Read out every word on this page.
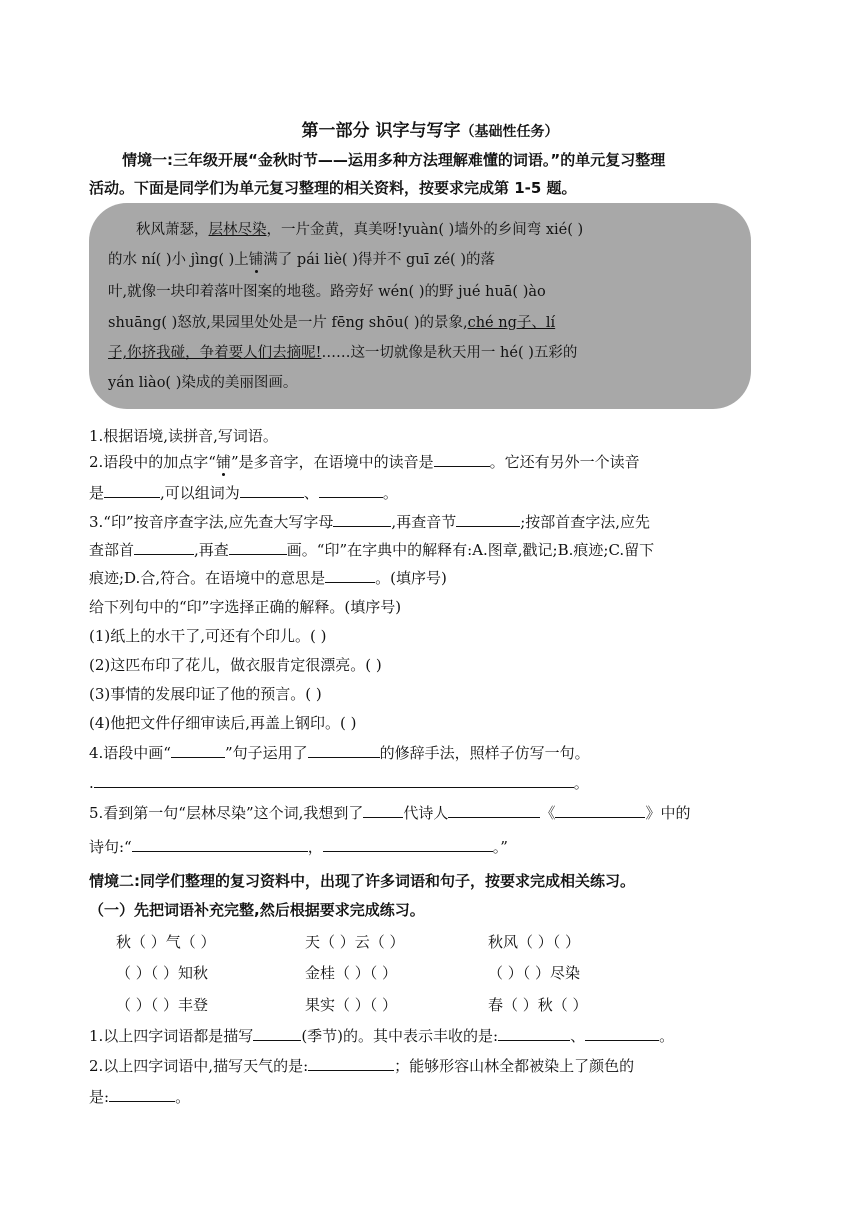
第一部分 识字与写字（基础性任务）
情境一:三年级开展“金秋时节——运用多种方法理解难懂的词语。”的单元复习整理
活动。下面是同学们为单元复习整理的相关资料，按要求完成第 1-5 题。
秋风萧瑟，层林尽染，一片金黄，真美呀!yuàn( )墙外的乡间弯 xié( )
的水 ní( )小 jìng( )上铺满了 pái liè( )得并不 guī zé( )的落
叶,就像一块印着落叶图案的地毯。路旁好 wén( )的野 jué huā( )ào
shuāng( )怒放,果园里处处是一片 fēng shōu( )的景象,ché ng子、lí
子,你挤我碰，争着要人们去摘呢!……这一切就像是秋天用一 hé( )五彩的
yán liào( )染成的美丽图画。
1.根据语境,读拼音,写词语。
2.语段中的加点字“铺”是多音字，在语境中的读音是	。它还有另外一个读音
是	,可以组词为	、	。
3.“印”按音序查字法,应先查大写字母	,再查音节	;按部首查字法,应先
查部首	,再查	画。“印”在字典中的解释有:A.图章,戳记;B.痕迹;C.留下
痕迹;D.合,符合。在语境中的意思是	。(填序号)
给下列句中的“印”字选择正确的解释。(填序号)
(1)纸上的水干了,可还有个印儿。( )
(2)这匹布印了花儿，做衣服肯定很漂亮。( )
(3)事情的发展印证了他的预言。( )
(4)他把文件仔细审读后,再盖上钢印。( )
4.语段中画“	”句子运用了	的修辞手法，照样子仿写一句。
.	。
5.看到第一句“层林尽染”这个词,我想到了	代诗人	《	》中的
诗句:“	，	。”
情境二:同学们整理的复习资料中，出现了许多词语和句子，按要求完成相关练习。
（一）先把词语补充完整,然后根据要求完成练习。
秋（ ）气（ ）	天（ ）云（ ）	秋风（ ）（ ）
（ ）（ ）知秋	金桂（ ）（ ）	（ ）（ ）尽染
（ ）（ ）丰登	果实（ ）（ ）	春（ ）秋（ ）
1.以上四字词语都是描写	(季节)的。其中表示丰收的是:	、	。
2.以上四字词语中,描写天气的是:	；能够形容山林全都被染上了颜色的
是:	。
